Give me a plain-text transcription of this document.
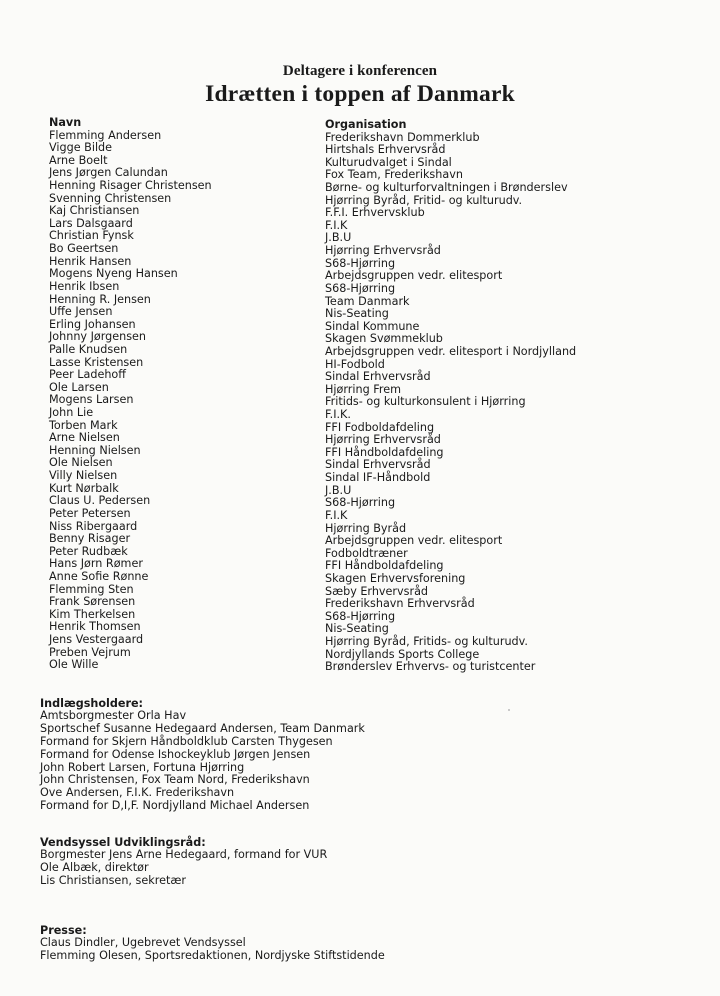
Deltagere i konferencen
Idrætten i toppen af Danmark
Navn
Flemming Andersen
Vigge Bilde
Arne Boelt
Jens Jørgen Calundan
Henning Risager Christensen
Svenning Christensen
Kaj Christiansen
Lars Dalsgaard
Christian Fynsk
Bo Geertsen
Henrik Hansen
Mogens Nyeng Hansen
Henrik Ibsen
Henning R. Jensen
Uffe Jensen
Erling Johansen
Johnny Jørgensen
Palle Knudsen
Lasse Kristensen
Peer Ladehoff
Ole Larsen
Mogens Larsen
John Lie
Torben Mark
Arne Nielsen
Henning Nielsen
Ole Nielsen
Villy Nielsen
Kurt Nørbalk
Claus U. Pedersen
Peter Petersen
Niss Ribergaard
Benny Risager
Peter Rudbæk
Hans Jørn Rømer
Anne Sofie Rønne
Flemming Sten
Frank Sørensen
Kim Therkelsen
Henrik Thomsen
Jens Vestergaard
Preben Vejrum
Ole Wille
Organisation
Frederikshavn Dommerklub
Hirtshals Erhvervsråd
Kulturudvalget i Sindal
Fox Team, Frederikshavn
Børne- og kulturforvaltningen i Brønderslev
Hjørring Byråd, Fritid- og kulturudv.
F.F.I. Erhvervsklub
F.I.K
J.B.U
Hjørring Erhvervsråd
S68-Hjørring
Arbejdsgruppen vedr. elitesport
S68-Hjørring
Team Danmark
Nis-Seating
Sindal Kommune
Skagen Svømmeklub
Arbejdsgruppen vedr. elitesport i Nordjylland
HI-Fodbold
Sindal Erhvervsråd
Hjørring Frem
Fritids- og kulturkonsulent i Hjørring
F.I.K.
FFI Fodboldafdeling
Hjørring Erhvervsråd
FFI Håndboldafdeling
Sindal Erhvervsråd
Sindal IF-Håndbold
J.B.U
S68-Hjørring
F.I.K
Hjørring Byråd
Arbejdsgruppen vedr. elitesport
Fodboldtræner
FFI Håndboldafdeling
Skagen Erhvervsforening
Sæby Erhvervsråd
Frederikshavn Erhvervsråd
S68-Hjørring
Nis-Seating
Hjørring Byråd, Fritids- og kulturudv.
Nordjyllands Sports College
Brønderslev Erhvervs- og turistcenter
Indlægsholdere:
Amtsborgmester Orla Hav
Sportschef Susanne Hedegaard Andersen, Team Danmark
Formand for Skjern Håndboldklub Carsten Thygesen
Formand for Odense Ishockeyklub Jørgen Jensen
John Robert Larsen, Fortuna Hjørring
John Christensen, Fox Team Nord, Frederikshavn
Ove Andersen, F.I.K. Frederikshavn
Formand for D,I,F. Nordjylland Michael Andersen
Vendsyssel Udviklingsråd:
Borgmester Jens Arne Hedegaard, formand for VUR
Ole Albæk, direktør
Lis Christiansen, sekretær
Presse:
Claus Dindler, Ugebrevet Vendsyssel
Flemming Olesen, Sportsredaktionen, Nordjyske Stiftstidende
